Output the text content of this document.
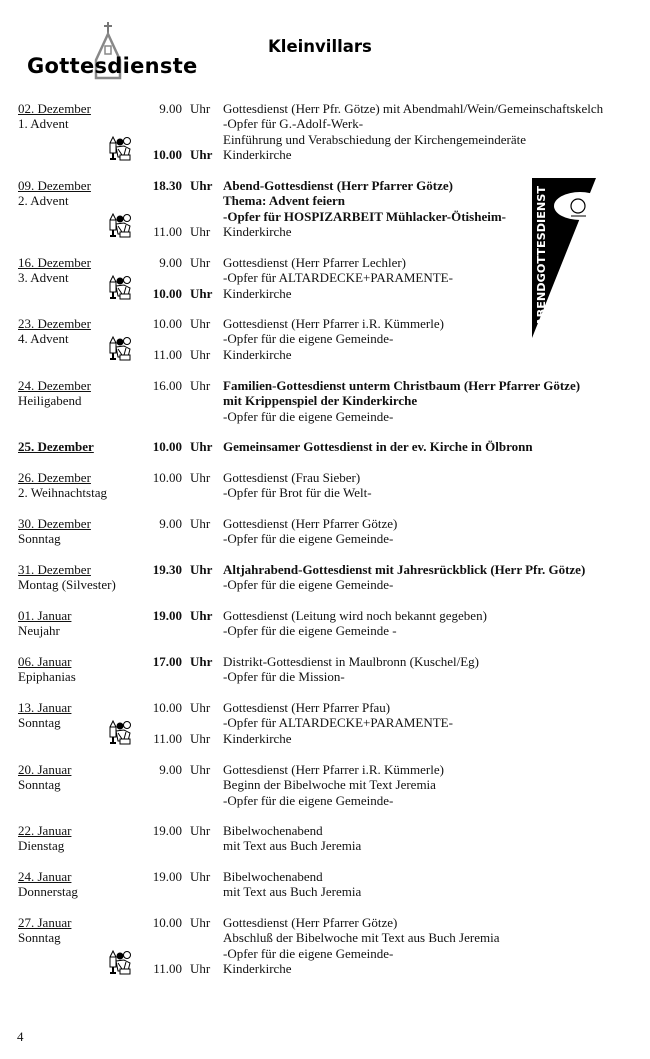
Gottesdienste
Kleinvillars
ABENDGOTTESDIENST
02. Dezember	9.00 Uhr Gottesdienst (Herr Pfr. Götze) mit Abendmahl/Wein/Gemeinschaftskelch
1. Advent	-Opfer für G.-Adolf-Werk-
Einführung und Verabschiedung der Kirchengemeinderäte
10.00 Uhr Kinderkirche
09. Dezember	18.30 Uhr Abend-Gottesdienst (Herr Pfarrer Götze)
2. Advent	Thema: Advent feiern
-Opfer für HOSPIZARBEIT Mühlacker-Ötisheim-
11.00 Uhr Kinderkirche
16. Dezember	9.00 Uhr Gottesdienst (Herr Pfarrer Lechler)
3. Advent	-Opfer für ALTARDECKE+PARAMENTE-
10.00 Uhr Kinderkirche
23. Dezember	10.00 Uhr Gottesdienst (Herr Pfarrer i.R. Kümmerle)
4. Advent	-Opfer für die eigene Gemeinde-
11.00 Uhr Kinderkirche
24. Dezember	16.00 Uhr Familien-Gottesdienst unterm Christbaum (Herr Pfarrer Götze)
Heiligabend	mit Krippenspiel der Kinderkirche
-Opfer für die eigene Gemeinde-
25. Dezember	10.00 Uhr Gemeinsamer Gottesdienst in der ev. Kirche in Ölbronn
26. Dezember	10.00 Uhr Gottesdienst (Frau Sieber)
2. Weihnachtstag	-Opfer für Brot für die Welt-
30. Dezember	9.00 Uhr Gottesdienst (Herr Pfarrer Götze)
Sonntag	-Opfer für die eigene Gemeinde-
31. Dezember	19.30 Uhr Altjahrabend-Gottesdienst mit Jahresrückblick (Herr Pfr. Götze)
Montag (Silvester)	-Opfer für die eigene Gemeinde-
01. Januar	19.00 Uhr Gottesdienst (Leitung wird noch bekannt gegeben)
Neujahr	-Opfer für die eigene Gemeinde -
06. Januar	17.00 Uhr Distrikt-Gottesdienst in Maulbronn (Kuschel/Eg)
Epiphanias	-Opfer für die Mission-
13. Januar	10.00 Uhr Gottesdienst (Herr Pfarrer Pfau)
Sonntag	-Opfer für ALTARDECKE+PARAMENTE-
11.00 Uhr Kinderkirche
20. Januar	9.00 Uhr Gottesdienst (Herr Pfarrer i.R. Kümmerle)
Sonntag	Beginn der Bibelwoche mit Text Jeremia
-Opfer für die eigene Gemeinde-
22. Januar	19.00 Uhr Bibelwochenabend
Dienstag	mit Text aus Buch Jeremia
24. Januar	19.00 Uhr Bibelwochenabend
Donnerstag	mit Text aus Buch Jeremia
27. Januar	10.00 Uhr Gottesdienst (Herr Pfarrer Götze)
Sonntag	Abschluß der Bibelwoche mit Text aus Buch Jeremia
-Opfer für die eigene Gemeinde-
11.00 Uhr Kinderkirche
4
